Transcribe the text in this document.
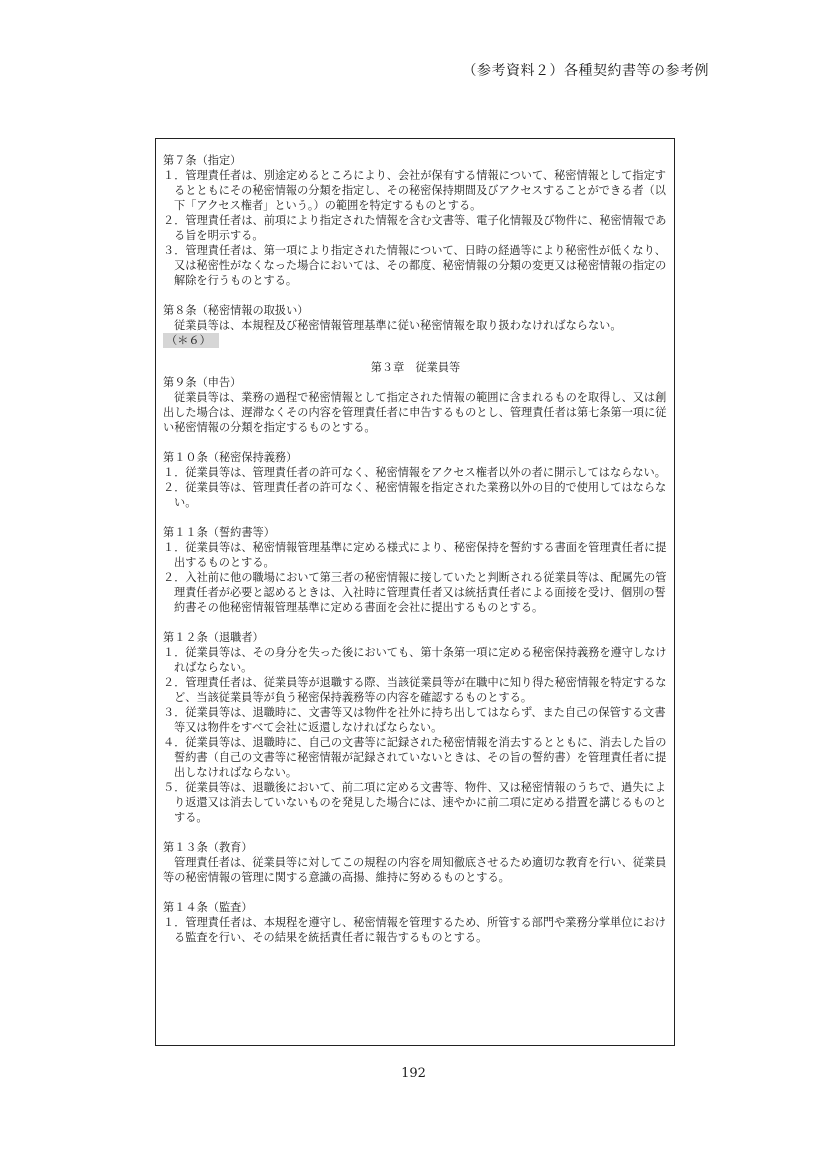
（参考資料２）各種契約書等の参考例
第７条（指定）
１．管理責任者は、別途定めるところにより、会社が保有する情報について、秘密情報として指定するとともにその秘密情報の分類を指定し、その秘密保持期間及びアクセスすることができる者（以下「アクセス権者」という。）の範囲を特定するものとする。
２．管理責任者は、前項により指定された情報を含む文書等、電子化情報及び物件に、秘密情報である旨を明示する。
３．管理責任者は、第一項により指定された情報について、日時の経過等により秘密性が低くなり、又は秘密性がなくなった場合においては、その都度、秘密情報の分類の変更又は秘密情報の指定の解除を行うものとする。
第８条（秘密情報の取扱い）
従業員等は、本規程及び秘密情報管理基準に従い秘密情報を取り扱わなければならない。
（＊６）
第３章　従業員等
第９条（申告）
従業員等は、業務の過程で秘密情報として指定された情報の範囲に含まれるものを取得し、又は創出した場合は、遅滞なくその内容を管理責任者に申告するものとし、管理責任者は第七条第一項に従い秘密情報の分類を指定するものとする。
第１０条（秘密保持義務）
１．従業員等は、管理責任者の許可なく、秘密情報をアクセス権者以外の者に開示してはならない。
２．従業員等は、管理責任者の許可なく、秘密情報を指定された業務以外の目的で使用してはならない。
第１１条（誓約書等）
１．従業員等は、秘密情報管理基準に定める様式により、秘密保持を誓約する書面を管理責任者に提出するものとする。
２．入社前に他の職場において第三者の秘密情報に接していたと判断される従業員等は、配属先の管理責任者が必要と認めるときは、入社時に管理責任者又は統括責任者による面接を受け、個別の誓約書その他秘密情報管理基準に定める書面を会社に提出するものとする。
第１２条（退職者）
１．従業員等は、その身分を失った後においても、第十条第一項に定める秘密保持義務を遵守しなければならない。
２．管理責任者は、従業員等が退職する際、当該従業員等が在職中に知り得た秘密情報を特定するなど、当該従業員等が負う秘密保持義務等の内容を確認するものとする。
３．従業員等は、退職時に、文書等又は物件を社外に持ち出してはならず、また自己の保管する文書等又は物件をすべて会社に返還しなければならない。
４．従業員等は、退職時に、自己の文書等に記録された秘密情報を消去するとともに、消去した旨の誓約書（自己の文書等に秘密情報が記録されていないときは、その旨の誓約書）を管理責任者に提出しなければならない。
５．従業員等は、退職後において、前二項に定める文書等、物件、又は秘密情報のうちで、過失により返還又は消去していないものを発見した場合には、速やかに前二項に定める措置を講じるものとする。
第１３条（教育）
管理責任者は、従業員等に対してこの規程の内容を周知徹底させるため適切な教育を行い、従業員等の秘密情報の管理に関する意識の高揚、維持に努めるものとする。
第１４条（監査）
１．管理責任者は、本規程を遵守し、秘密情報を管理するため、所管する部門や業務分掌単位における監査を行い、その結果を統括責任者に報告するものとする。
192
